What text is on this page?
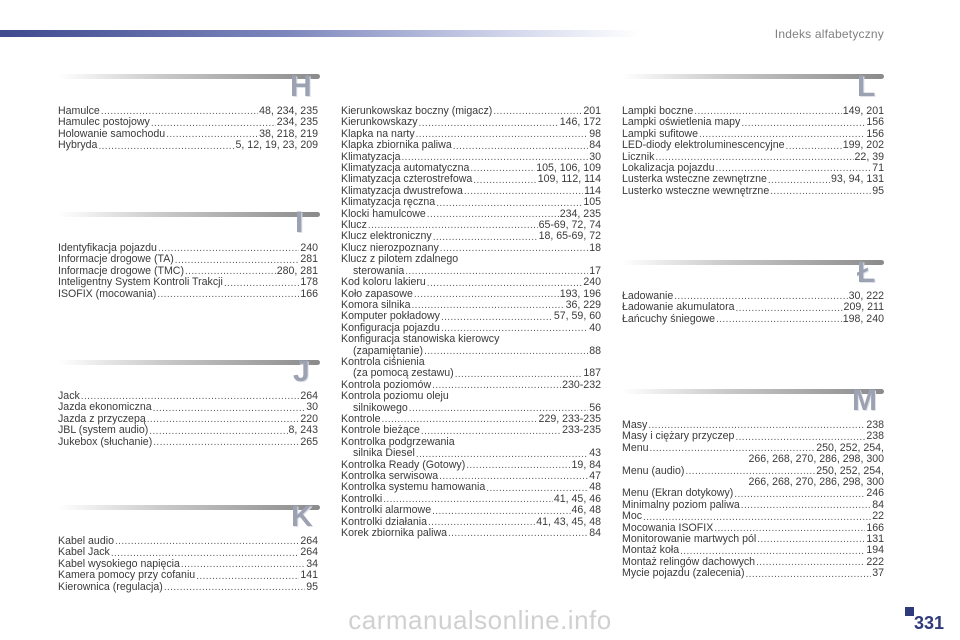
Indeks alfabetyczny
H
Hamulce .....	48, 234, 235
Hamulec postojowy .....	234, 235
Holowanie samochodu .....	38, 218, 219
Hybryda .....	5, 12, 19, 23, 209
I
Identyfikacja pojazdu .....	240
Informacje drogowe (TA) .....	281
Informacje drogowe (TMC) .....	280, 281
Inteligentny System Kontroli Trakcji .....	178
ISOFIX (mocowania) .....	166
J
Jack .....	264
Jazda ekonomiczna .....	30
Jazda z przyczepą .....	220
JBL (system audio) .....	8, 243
Jukebox (słuchanie) .....	265
K
Kabel audio .....	264
Kabel Jack .....	264
Kabel wysokiego napięcia .....	34
Kamera pomocy przy cofaniu .....	141
Kierownica (regulacja) .....	95
Kierunkowskaz boczny (migacz) .....	201
Kierunkowskazy .....	146, 172
Klapka na narty .....	98
Klapka zbiornika paliwa .....	84
Klimatyzacja .....	30
Klimatyzacja automatyczna .....	105, 106, 109
Klimatyzacja czterostrefowa .....	109, 112, 114
Klimatyzacja dwustrefowa .....	114
Klimatyzacja ręczna .....	105
Klocki hamulcowe .....	234, 235
Klucz .....	65-69, 72, 74
Klucz elektroniczny .....	18, 65-69, 72
Klucz nierozpoznany .....	18
Klucz z pilotem zdalnego
sterowania .....	17
Kod koloru lakieru .....	240
Koło zapasowe .....	193, 196
Komora silnika .....	36, 229
Komputer pokładowy .....	57, 59, 60
Konfiguracja pojazdu .....	40
Konfiguracja stanowiska kierowcy
(zapamiętanie) .....	88
Kontrola ciśnienia
(za pomocą zestawu) .....	187
Kontrola poziomów .....	230-232
Kontrola poziomu oleju
silnikowego .....	56
Kontrole .....	229, 233-235
Kontrole bieżące .....	233-235
Kontrolka podgrzewania
silnika Diesel .....	43
Kontrolka Ready (Gotowy) .....	19, 84
Kontrolka serwisowa .....	47
Kontrolka systemu hamowania .....	48
Kontrolki .....	41, 45, 46
Kontrolki alarmowe .....	46, 48
Kontrolki działania .....	41, 43, 45, 48
Korek zbiornika paliwa .....	84
L
Lampki boczne .....	149, 201
Lampki oświetlenia mapy .....	156
Lampki sufitowe .....	156
LED-diody elektroluminescencyjne .....	199, 202
Licznik .....	22, 39
Lokalizacja pojazdu .....	71
Lusterka wsteczne zewnętrzne .....	93, 94, 131
Lusterko wsteczne wewnętrzne .....	95
Ł
Ładowanie .....	30, 222
Ładowanie akumulatora .....	209, 211
Łańcuchy śniegowe .....	198, 240
M
Masy .....	238
Masy i ciężary przyczep .....	238
Menu .....	250, 252, 254,
266, 268, 270, 286, 298, 300
Menu (audio) .....	250, 252, 254,
266, 268, 270, 286, 298, 300
Menu (Ekran dotykowy) .....	246
Minimalny poziom paliwa .....	84
Moc .....	22
Mocowania ISOFIX .....	166
Monitorowanie martwych pól .....	131
Montaż koła .....	194
Montaż relingów dachowych .....	222
Mycie pojazdu (zalecenia) .....	37
331
carmanualsonline.info
